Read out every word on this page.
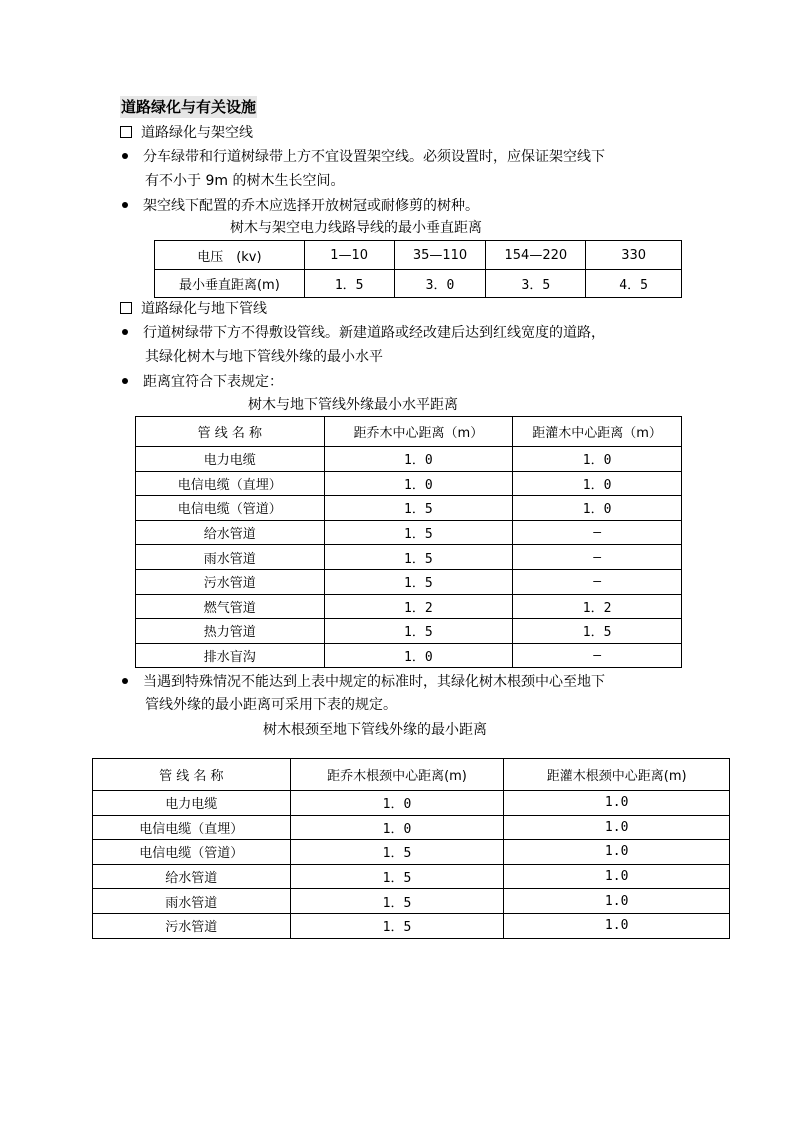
道路绿化与有关设施
道路绿化与架空线
分车绿带和行道树绿带上方不宜设置架空线。必须设置时，应保证架空线下
有不小于 9m 的树木生长空间。
架空线下配置的乔木应选择开放树冠或耐修剪的树种。
树木与架空电力线路导线的最小垂直距离
电压　(kv)	1—10	35—110	154—220	330
最小垂直距离(m)	1．5	3．0	3．5	4．5
道路绿化与地下管线
行道树绿带下方不得敷设管线。新建道路或经改建后达到红线宽度的道路，
其绿化树木与地下管线外缘的最小水平
距离宜符合下表规定：
树木与地下管线外缘最小水平距离
管 线 名 称	距乔木中心距离（m）	距灌木中心距离（m）
电力电缆	1．0	1．0
电信电缆（直埋）	1．0	1．0
电信电缆（管道）	1．5	1．0
给水管道	1．5	—
雨水管道	1．5	—
污水管道	1．5	—
燃气管道	1．2	1．2
热力管道	1．5	1．5
排水盲沟	1．0	—
当遇到特殊情况不能达到上表中规定的标准时，其绿化树木根颈中心至地下
管线外缘的最小距离可采用下表的规定。
树木根颈至地下管线外缘的最小距离
管 线 名 称	距乔木根颈中心距离(m)	距灌木根颈中心距离(m)
电力电缆	1．0	1.0
电信电缆（直埋）	1．0	1.0
电信电缆（管道）	1．5	1.0
给水管道	1．5	1.0
雨水管道	1．5	1.0
污水管道	1．5	1.0
